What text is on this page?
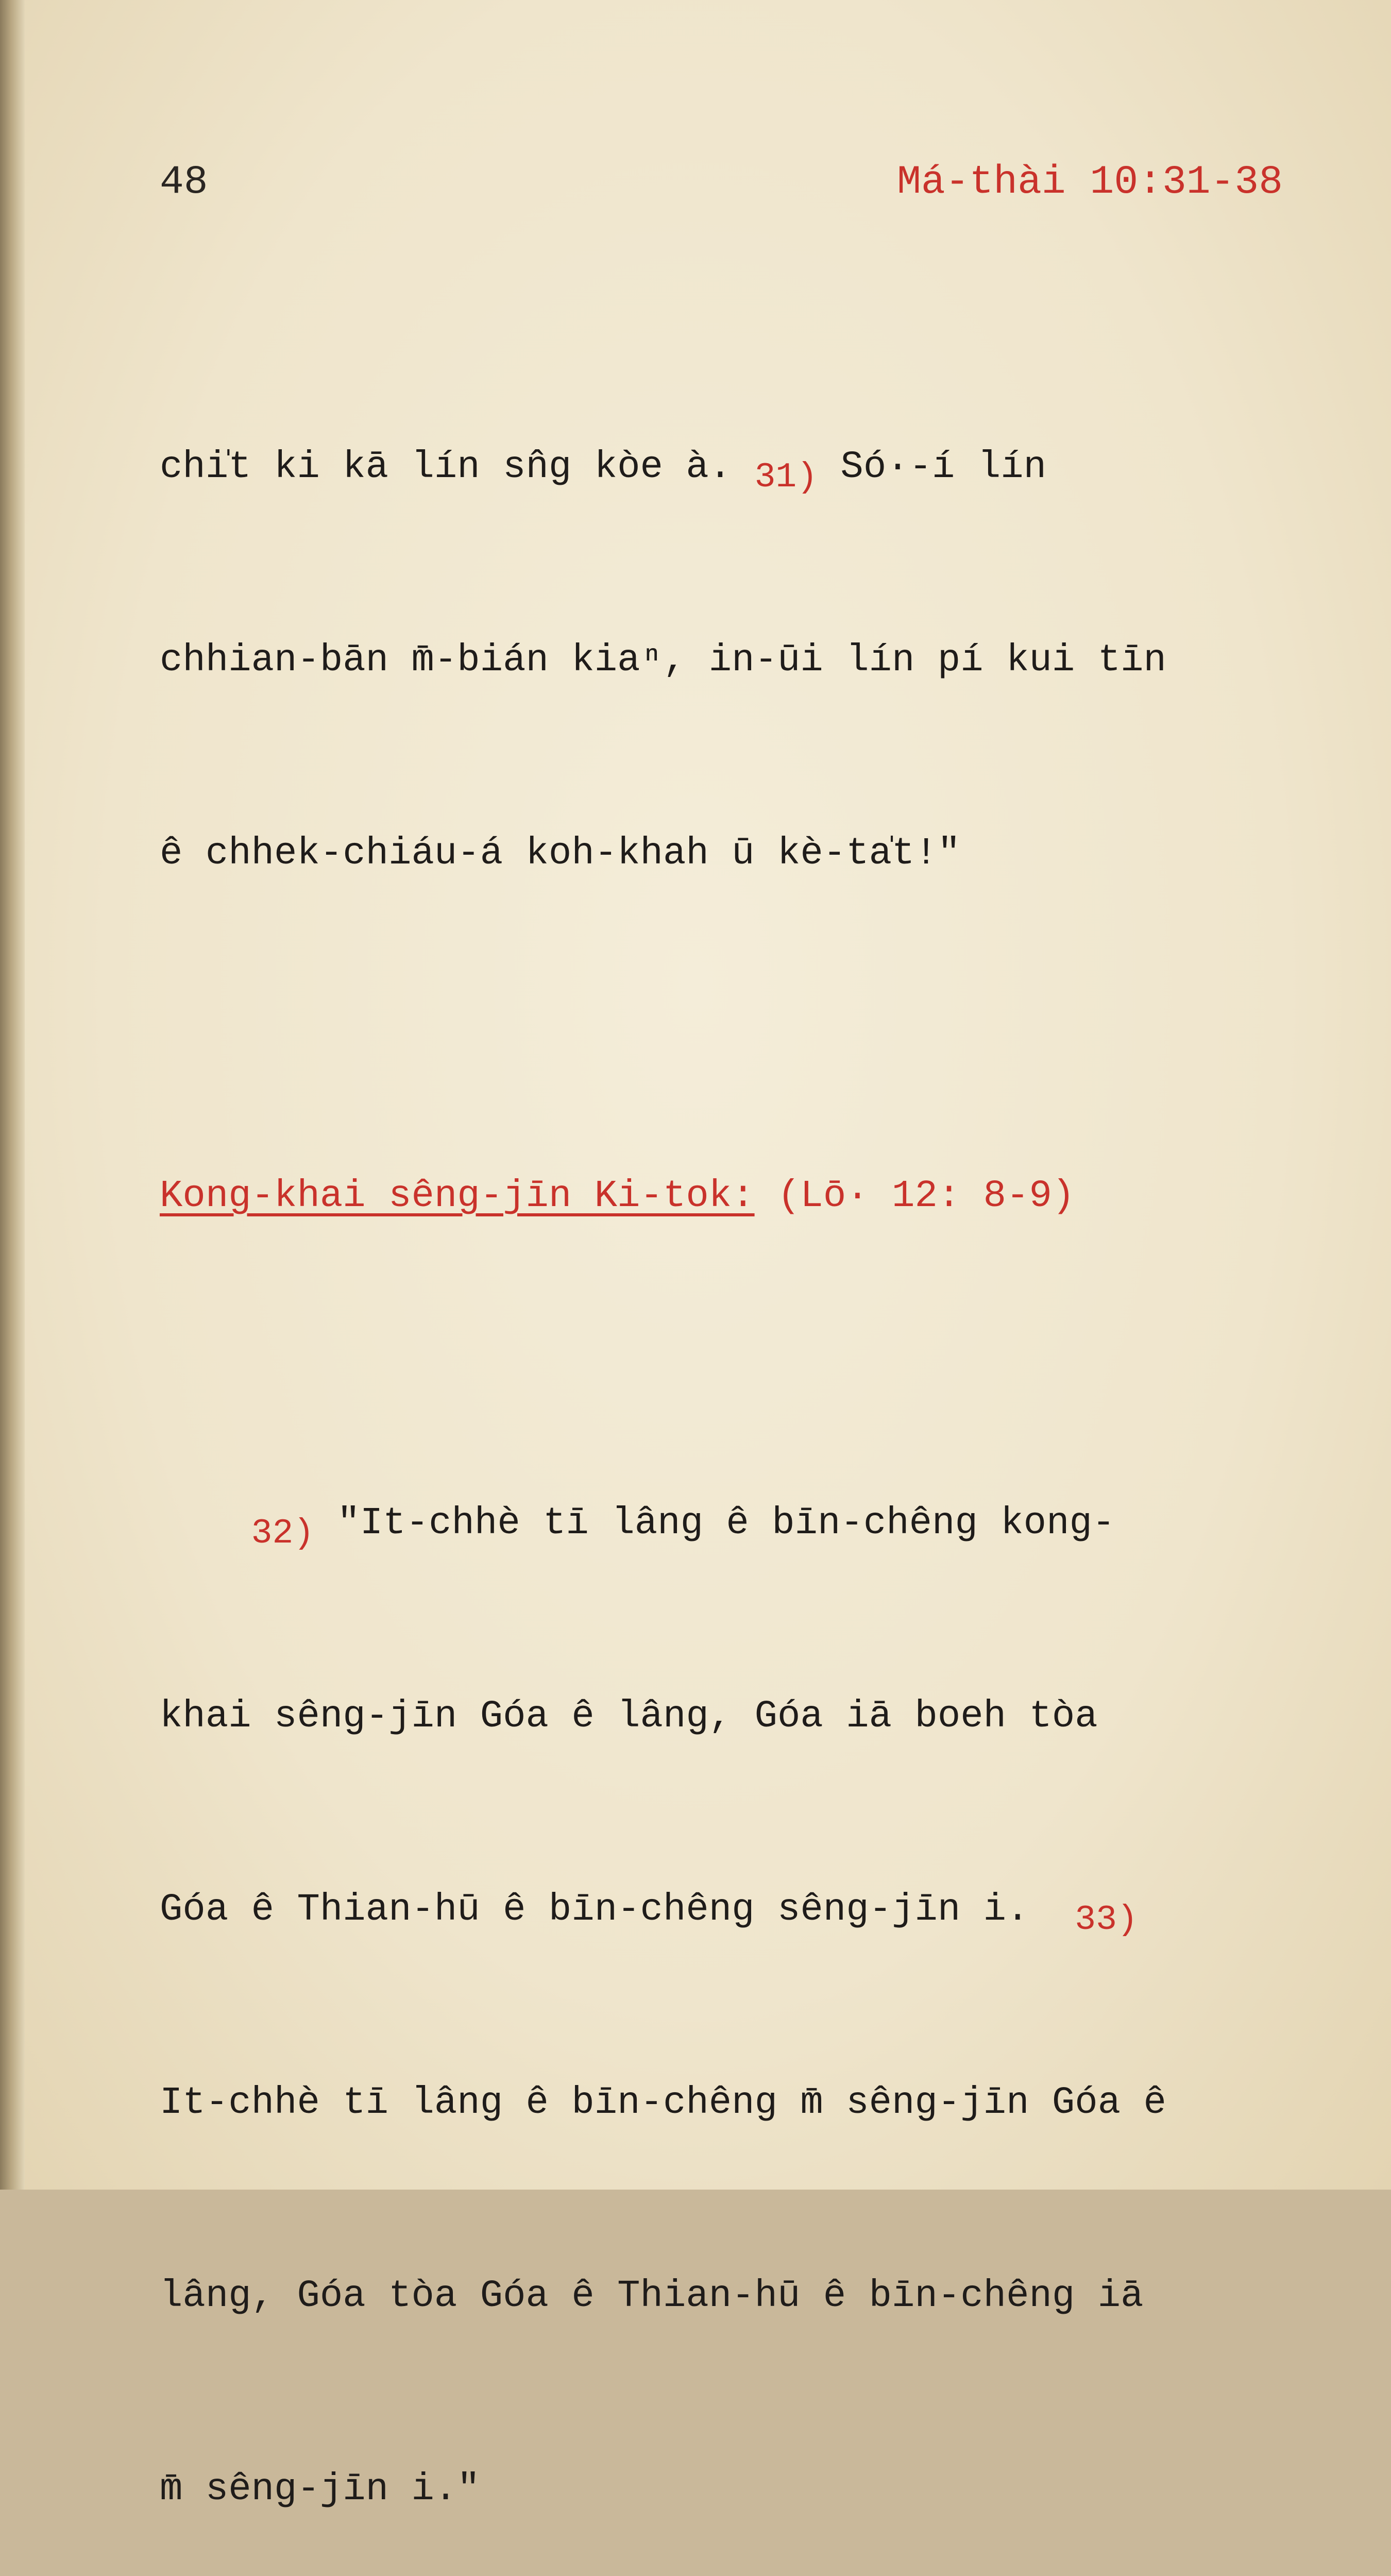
48	Má-thài 10:31-38

chi̍t ki kā lín sn̂g kòe à. 31) Só·-í lín

chhian-bān m̄-bián kiaⁿ, in-ūi lín pí kui tīn

ê chhek-chiáu-á koh-khah ū kè-ta̍t!"

Kong-khai sêng-jīn Ki-tok: (Lō· 12: 8-9)

32) "It-chhè tī lâng ê bīn-chêng kong-

khai sêng-jīn Góa ê lâng, Góa iā boeh tòa

Góa ê Thian-hū ê bīn-chêng sêng-jīn i.  33)

It-chhè tī lâng ê bīn-chêng m̄ sêng-jīn Góa ê

lâng, Góa tòa Góa ê Thian-hū ê bīn-chêng iā

m̄ sêng-jīn i."
